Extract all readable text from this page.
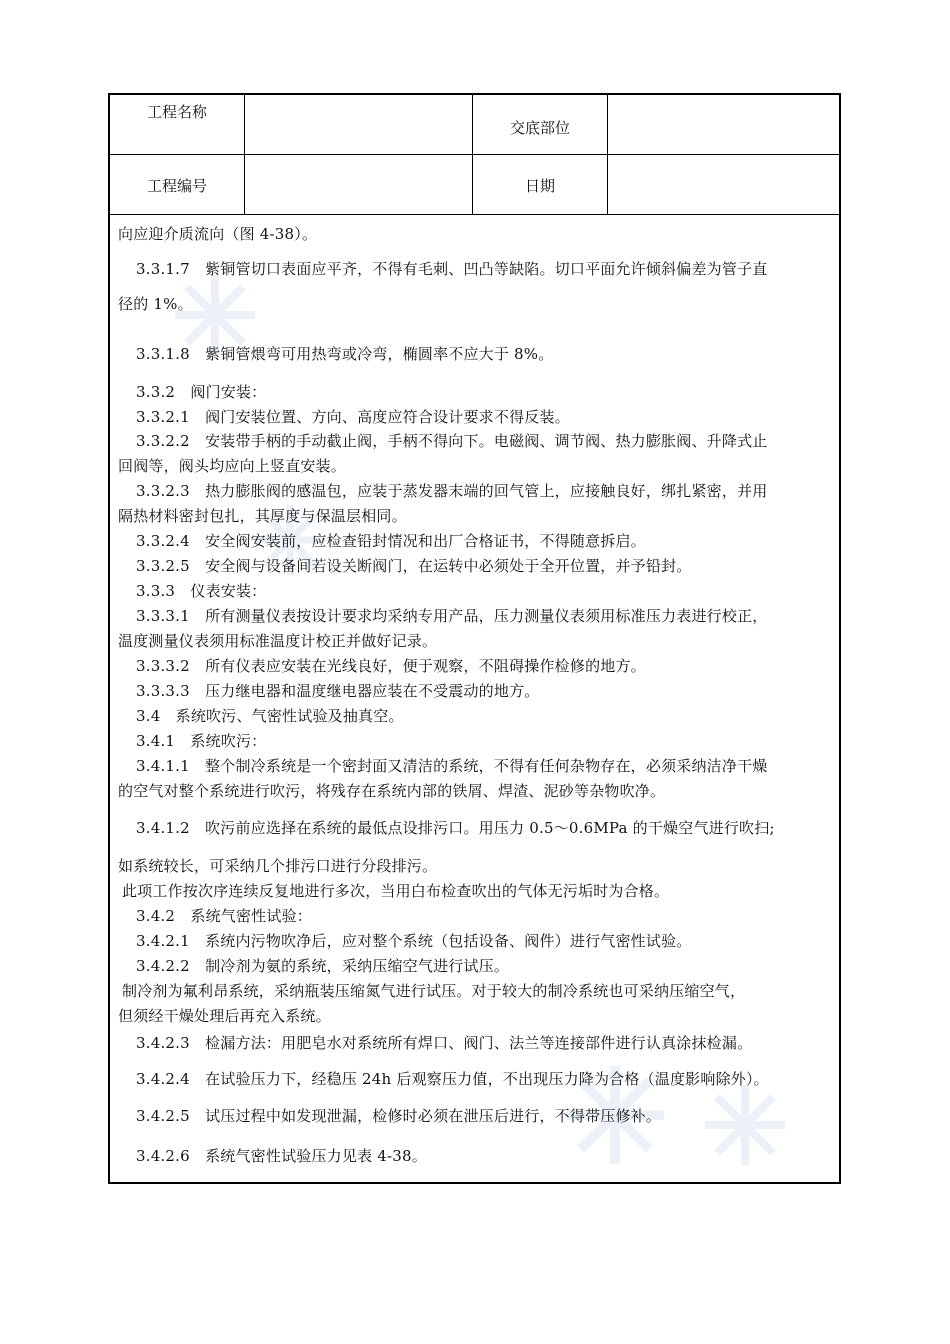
工程名称
交底部位
工程编号	日期
向应迎介质流向（图 4-38）。
3.3.1.7　紫铜管切口表面应平齐，不得有毛刺、凹凸等缺陷。切口平面允许倾斜偏差为管子直
径的 1%。
3.3.1.8　紫铜管煨弯可用热弯或冷弯，椭圆率不应大于 8%。
3.3.2　阀门安装：
3.3.2.1　阀门安装位置、方向、高度应符合设计要求不得反装。
3.3.2.2　安装带手柄的手动截止阀，手柄不得向下。电磁阀、调节阀、热力膨胀阀、升降式止
回阀等，阀头均应向上竖直安装。
3.3.2.3　热力膨胀阀的感温包，应装于蒸发器末端的回气管上，应接触良好，绑扎紧密，并用
隔热材料密封包扎，其厚度与保温层相同。
3.3.2.4　安全阀安装前，应检查铅封情况和出厂合格证书，不得随意拆启。
3.3.2.5　安全阀与设备间若设关断阀门，在运转中必须处于全开位置，并予铅封。
3.3.3　仪表安装：
3.3.3.1　所有测量仪表按设计要求均采纳专用产品，压力测量仪表须用标准压力表进行校正，
温度测量仪表须用标准温度计校正并做好记录。
3.3.3.2　所有仪表应安装在光线良好，便于观察，不阻碍操作检修的地方。
3.3.3.3　压力继电器和温度继电器应装在不受震动的地方。
3.4　系统吹污、气密性试验及抽真空。
3.4.1　系统吹污：
3.4.1.1　整个制冷系统是一个密封面又清洁的系统，不得有任何杂物存在，必须采纳洁净干燥
的空气对整个系统进行吹污，将残存在系统内部的铁屑、焊渣、泥砂等杂物吹净。
3.4.1.2　吹污前应选择在系统的最低点设排污口。用压力 0.5～0.6MPa 的干燥空气进行吹扫;
如系统较长，可采纳几个排污口进行分段排污。
此项工作按次序连续反复地进行多次，当用白布检查吹出的气体无污垢时为合格。
3.4.2　系统气密性试验：
3.4.2.1　系统内污物吹净后，应对整个系统（包括设备、阀件）进行气密性试验。
3.4.2.2　制冷剂为氨的系统，采纳压缩空气进行试压。
制冷剂为氟利昂系统，采纳瓶装压缩氮气进行试压。对于较大的制冷系统也可采纳压缩空气，
但须经干燥处理后再充入系统。
3.4.2.3　检漏方法：用肥皂水对系统所有焊口、阀门、法兰等连接部件进行认真涂抹检漏。
3.4.2.4　在试验压力下，经稳压 24h 后观察压力值，不出现压力降为合格（温度影响除外）。
3.4.2.5　试压过程中如发现泄漏，检修时必须在泄压后进行，不得带压修补。
3.4.2.6　系统气密性试验压力见表 4-38。
